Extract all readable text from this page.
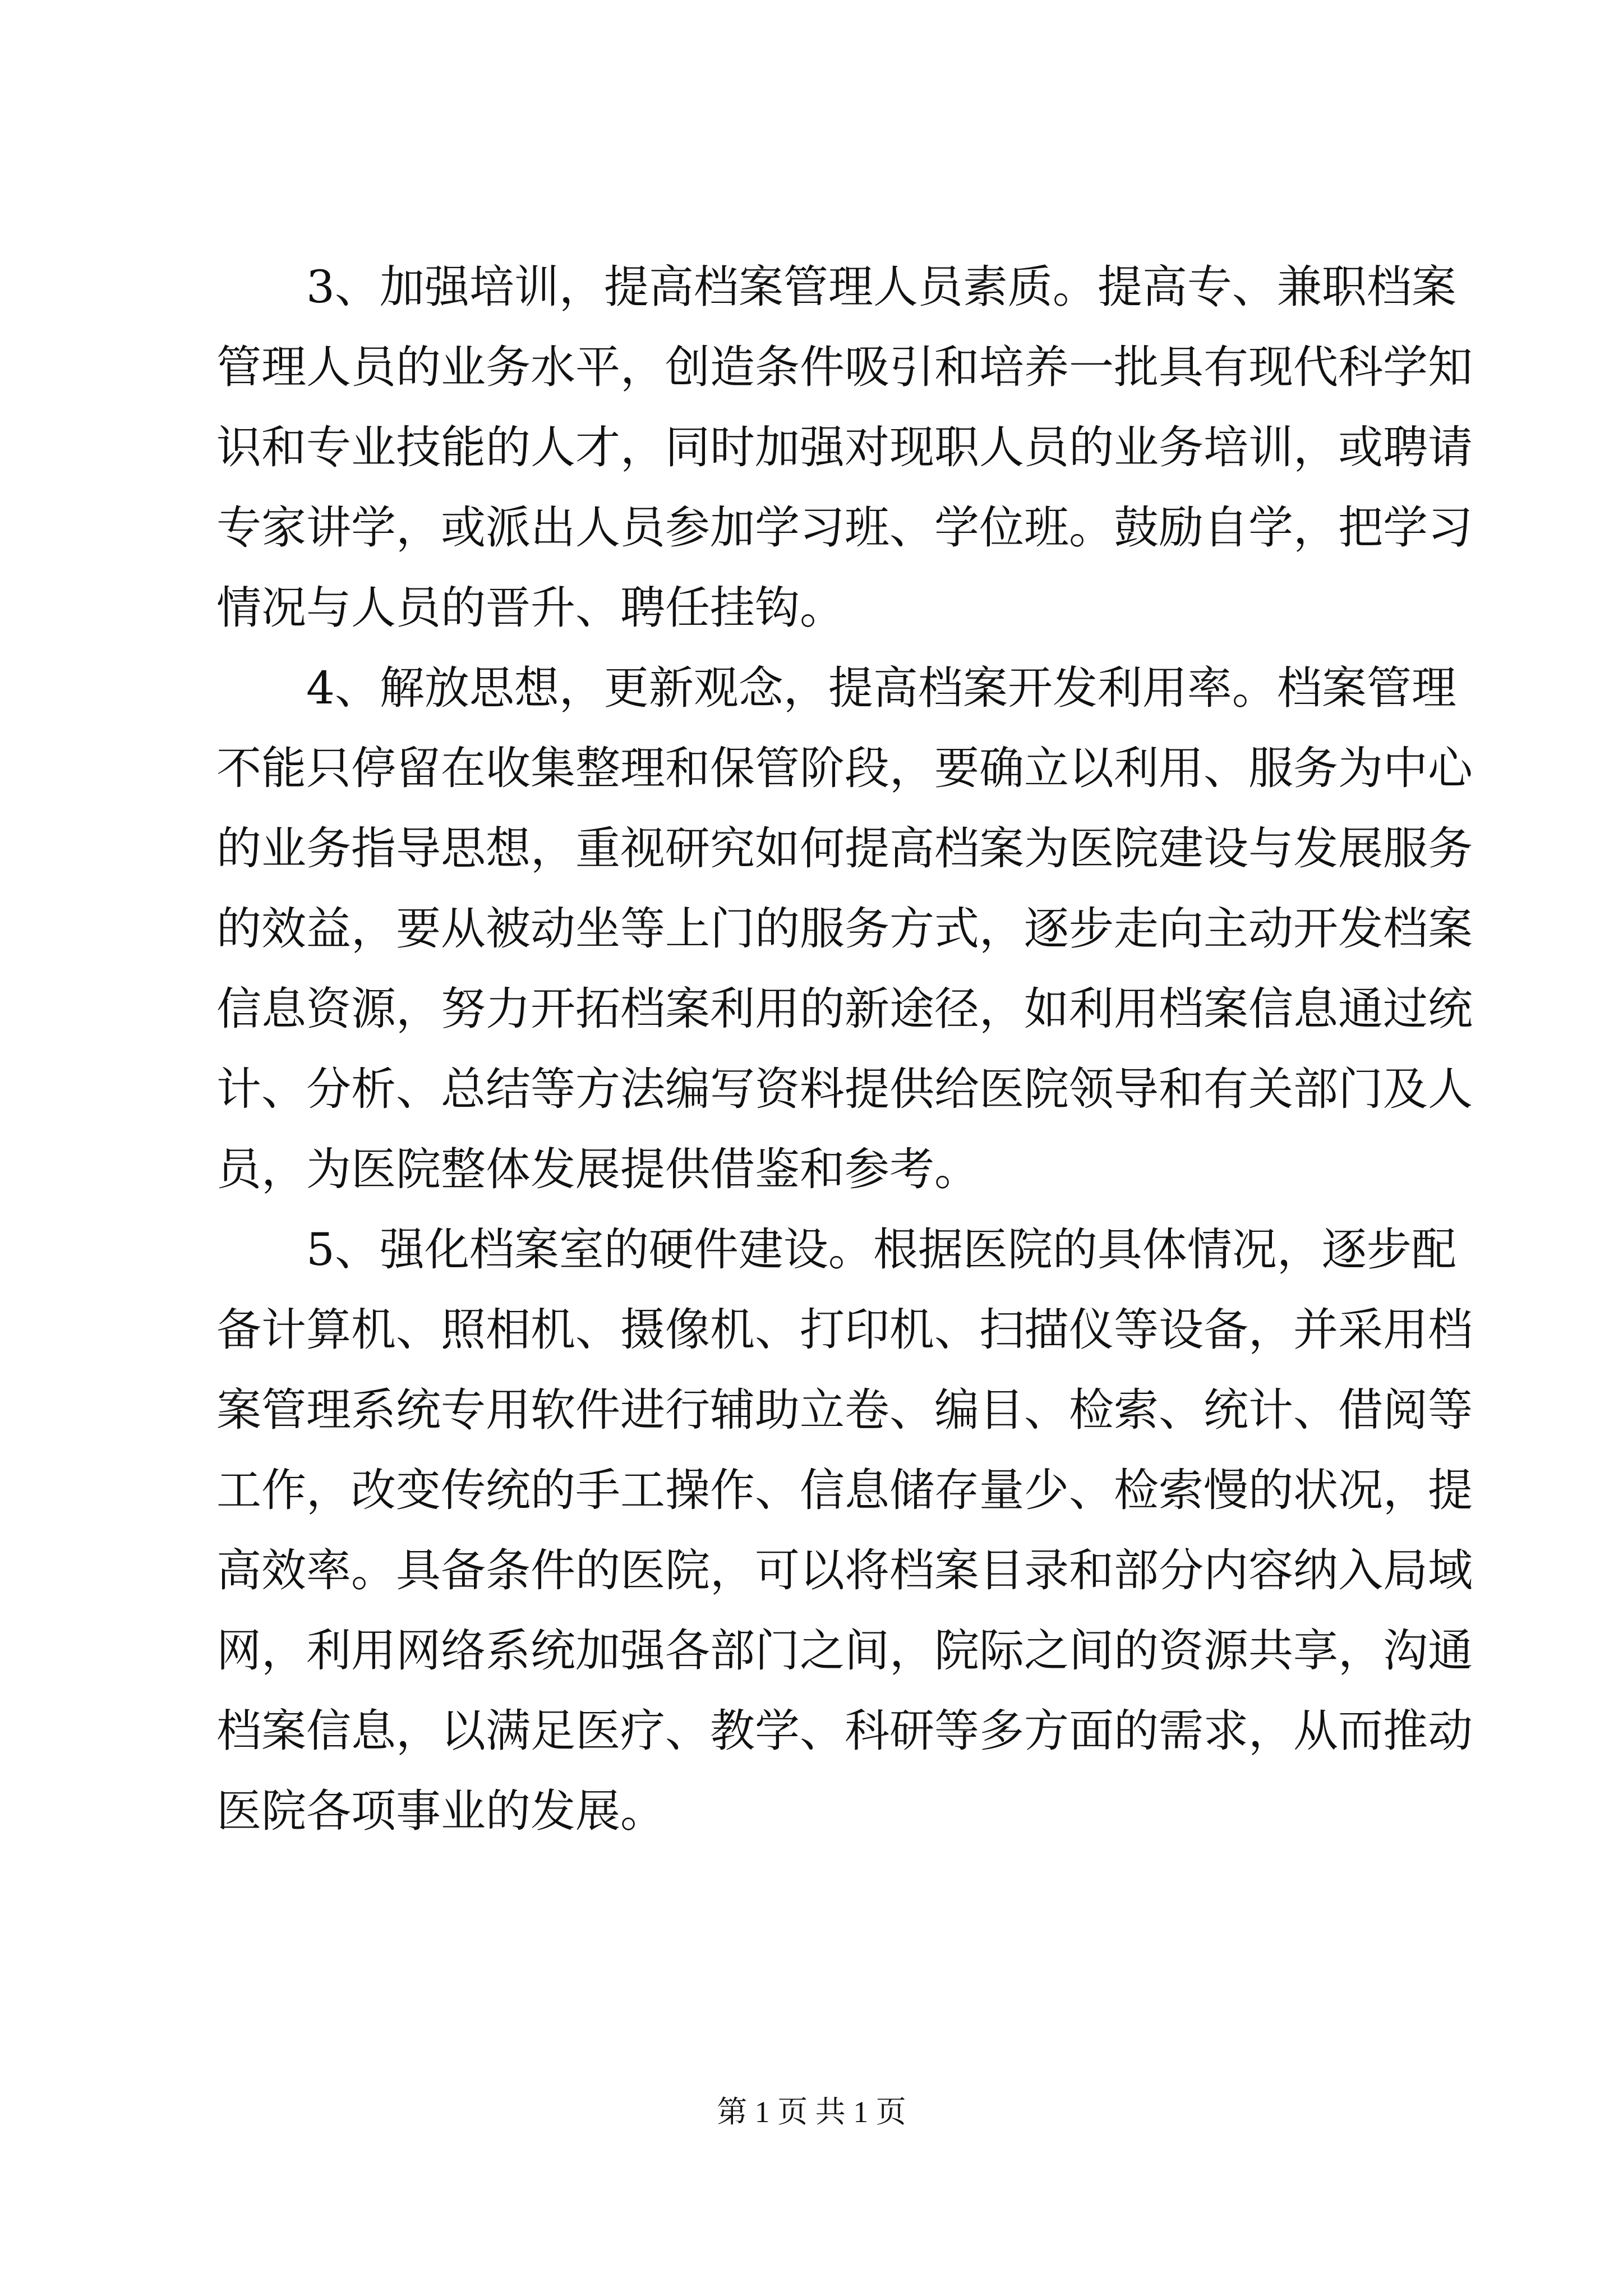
3、加强培训，提高档案管理人员素质。提高专、兼职档案
管理人员的业务水平，创造条件吸引和培养一批具有现代科学知
识和专业技能的人才，同时加强对现职人员的业务培训，或聘请
专家讲学，或派出人员参加学习班、学位班。鼓励自学，把学习
情况与人员的晋升、聘任挂钩。
4、解放思想，更新观念，提高档案开发利用率。档案管理
不能只停留在收集整理和保管阶段，要确立以利用、服务为中心
的业务指导思想，重视研究如何提高档案为医院建设与发展服务
的效益，要从被动坐等上门的服务方式，逐步走向主动开发档案
信息资源，努力开拓档案利用的新途径，如利用档案信息通过统
计、分析、总结等方法编写资料提供给医院领导和有关部门及人
员，为医院整体发展提供借鉴和参考。
5、强化档案室的硬件建设。根据医院的具体情况，逐步配
备计算机、照相机、摄像机、打印机、扫描仪等设备，并采用档
案管理系统专用软件进行辅助立卷、编目、检索、统计、借阅等
工作，改变传统的手工操作、信息储存量少、检索慢的状况，提
高效率。具备条件的医院，可以将档案目录和部分内容纳入局域
网，利用网络系统加强各部门之间，院际之间的资源共享，沟通
档案信息，以满足医疗、教学、科研等多方面的需求，从而推动
医院各项事业的发展。
第 1 页 共 1 页
